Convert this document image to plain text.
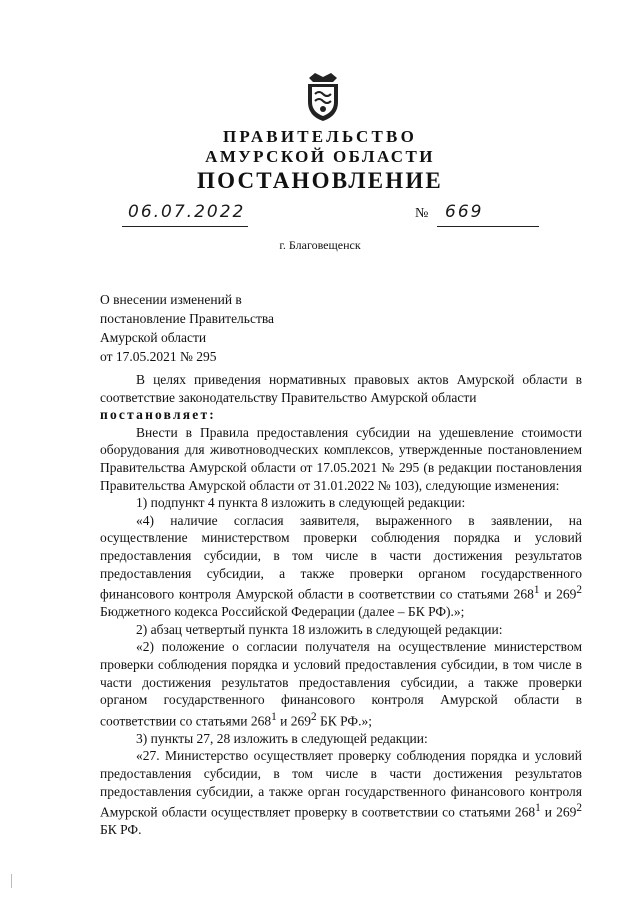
ПРАВИТЕЛЬСТВО
АМУРСКОЙ ОБЛАСТИ
ПОСТАНОВЛЕНИЕ
06.07.2022	№ 669
г. Благовещенск
О внесении изменений в
постановление Правительства
Амурской области
от 17.05.2021 № 295

В целях приведения нормативных правовых актов Амурской области в соответствие законодательству Правительство Амурской области

постановляет:

Внести в Правила предоставления субсидии на удешевление стоимости оборудования для животноводческих комплексов, утвержденные постановлением Правительства Амурской области от 17.05.2021 № 295 (в редакции постановления Правительства Амурской области от 31.01.2022 № 103), следующие изменения:

1) подпункт 4 пункта 8 изложить в следующей редакции:

«4) наличие согласия заявителя, выраженного в заявлении, на осуществление министерством проверки соблюдения порядка и условий предоставления субсидии, в том числе в части достижения результатов предоставления субсидии, а также проверки органом государственного финансового контроля Амурской области в соответствии со статьями $268^1$ и $269^2$ Бюджетного кодекса Российской Федерации (далее – БК РФ).»;

2) абзац четвертый пункта 18 изложить в следующей редакции:

«2) положение о согласии получателя на осуществление министерством проверки соблюдения порядка и условий предоставления субсидии, в том числе в части достижения результатов предоставления субсидии, а также проверки органом государственного финансового контроля Амурской области в соответствии со статьями $268^1$ и $269^2$ БК РФ.»;

3) пункты 27, 28 изложить в следующей редакции:

«27. Министерство осуществляет проверку соблюдения порядка и условий предоставления субсидии, в том числе в части достижения результатов предоставления субсидии, а также орган государственного финансового контроля Амурской области осуществляет проверку в соответствии со статьями $268^1$ и $269^2$ БК РФ.
